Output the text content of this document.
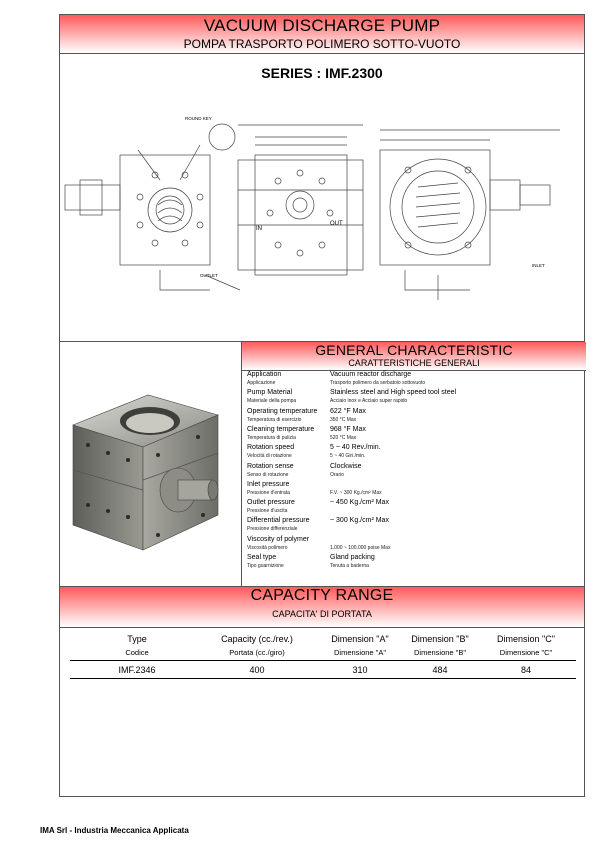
VACUUM DISCHARGE PUMP
POMPA TRASPORTO POLIMERO SOTTO-VUOTO
SERIES : IMF.2300
ROUND KEY
OUTLET
INLET
IN
OUT
GENERAL CHARACTERISTIC
CARATTERISTICHE GENERALI
Application	Vacuum reactor discharge
Applicazione	Trasporto polimero da serbatoio sottovuoto
Pump Material	Stainless steel and High speed tool steel
Materiale della pompa	Acciaio inox e Acciaio super rapido
Operating temperature 622 °F Max
Temperatura di esercizio	350 °C Max
Cleaning temperature 968 °F Max
Temperatura di pulizia	520 °C Max
Rotation speed	5 ~ 40 Rev./min.
Velocità di rotazione	5 ~ 40 Giri./min.
Rotation sense	Clockwise
Senso di rotazione	Orario
Inlet pressure
Pressione d'entrata	F.V. ~ 300 Kg./cm² Max
Outlet pressure	~ 450 Kg./cm² Max
Pressione d'uscita
Differential pressure	~ 300 Kg./cm² Max
Pressione differenziale
Viscosity of polymer
Viscosità polimero	1.000 ~ 100.000 poise Max
Seal type	Gland packing
Tipo guarnizione	Tenuta a baderna
CAPACITY RANGE
CAPACITA' DI PORTATA
Type	Capacity (cc./rev.)	Dimension "A"	Dimension "B"	Dimension "C"
Codice	Portata (cc./giro)	Dimensione "A"	Dimensione "B"	Dimensione "C"
IMF.2346	400	310	484	84
IMA Srl - Industria Meccanica Applicata
